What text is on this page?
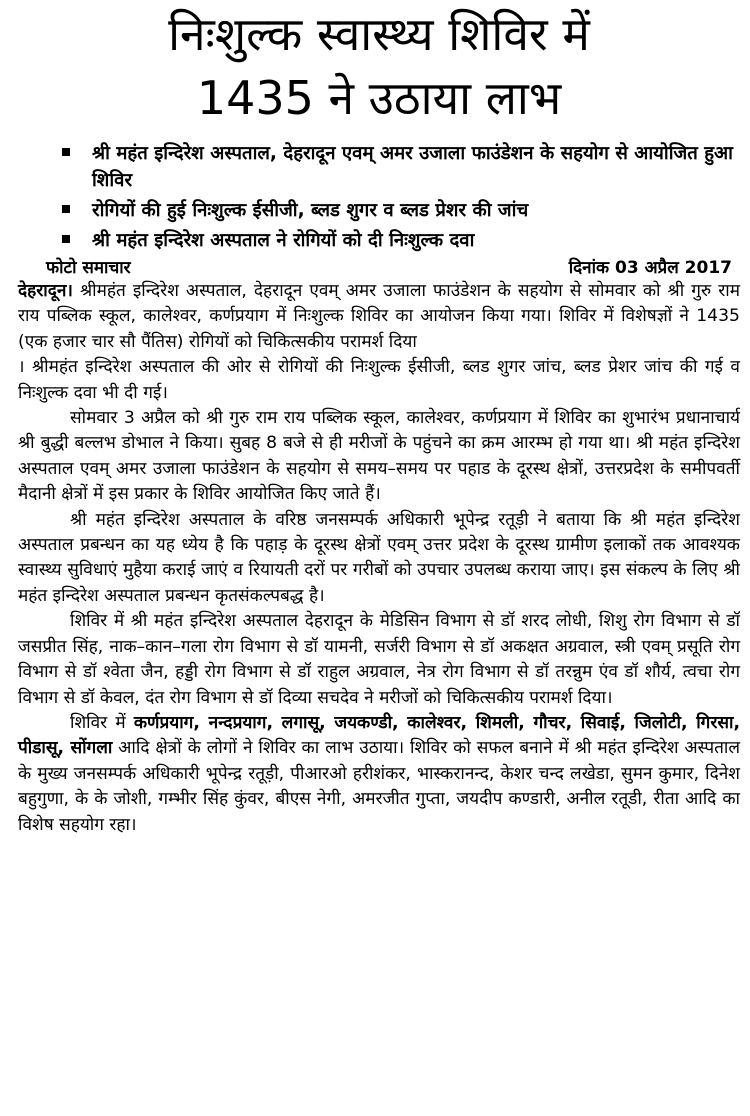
निःशुल्क स्वास्थ्य शिविर में
1435 ने उठाया लाभ
श्री महंत इन्दिरेश अस्पताल, देहरादून एवम् अमर उजाला फाउंडेशन के सहयोग से आयोजित हुआ शिविर
रोगियों की हुई निःशुल्क ईसीजी, ब्लड शुगर व ब्लड प्रेशर की जांच
श्री महंत इन्दिरेश अस्पताल ने रोगियों को दी निःशुल्क दवा
फोटो समाचार	दिनांक 03 अप्रैल 2017

देहरादून। श्रीमहंत इन्दिरेश अस्पताल, देहरादून एवम् अमर उजाला फाउंडेशन के सहयोग से सोमवार को श्री गुरु राम राय पब्लिक स्कूल, कालेश्वर, कर्णप्रयाग में निःशुल्क शिविर का आयोजन किया गया। शिविर में विशेषज्ञों ने 1435 (एक हजार चार सौ पैंतिस) रोगियों को चिकित्सकीय परामर्श दिया

। श्रीमहंत इन्दिरेश अस्पताल की ओर से रोगियों की निःशुल्क ईसीजी, ब्लड शुगर जांच, ब्लड प्रेशर जांच की गई व निःशुल्क दवा भी दी गई।

सोमवार 3 अप्रैल को श्री गुरु राम राय पब्लिक स्कूल, कालेश्वर, कर्णप्रयाग में शिविर का शुभारंभ प्रधानाचार्य श्री बुद्धी बल्लभ डोभाल ने किया। सुबह 8 बजे से ही मरीजों के पहुंचने का क्रम आरम्भ हो गया था। श्री महंत इन्दिरेश अस्पताल एवम् अमर उजाला फाउंडेशन के सहयोग से समय–समय पर पहाड के दूरस्थ क्षेत्रों, उत्तरप्रदेश के समीपवर्ती मैदानी क्षेत्रों में इस प्रकार के शिविर आयोजित किए जाते हैं।

श्री महंत इन्दिरेश अस्पताल के वरिष्ठ जनसम्पर्क अधिकारी भूपेन्द्र रतूड़ी ने बताया कि श्री महंत इन्दिरेश अस्पताल प्रबन्धन का यह ध्येय है कि पहाड़ के दूरस्थ क्षेत्रों एवम् उत्तर प्रदेश के दूरस्थ ग्रामीण इलाकों तक आवश्यक स्वास्थ्य सुविधाएं मुहैया कराई जाएं व रियायती दरों पर गरीबों को उपचार उपलब्ध कराया जाए। इस संकल्प के लिए श्री महंत इन्दिरेश अस्पताल प्रबन्धन कृतसंकल्पबद्ध है।

शिविर में श्री महंत इन्दिरेश अस्पताल देहरादून के मेडिसिन विभाग से डॉ शरद लोधी, शिशु रोग विभाग से डॉ जसप्रीत सिंह, नाक–कान–गला रोग विभाग से डॉ यामनी, सर्जरी विभाग से डॉ अकक्षत अग्रवाल, स्त्री एवम् प्रसूति रोग विभाग से डॉ श्वेता जैन, हड्डी रोग विभाग से डॉ राहुल अग्रवाल, नेत्र रोग विभाग से डॉ तरन्नुम एंव डॉ शौर्य, त्वचा रोग विभाग से डॉ केवल, दंत रोग विभाग से डॉ दिव्या सचदेव ने मरीजों को चिकित्सकीय परामर्श दिया।

शिविर में कर्णप्रयाग, नन्दप्रयाग, लगासू, जयकण्डी, कालेश्वर, शिमली, गौचर, सिवाई, जिलोटी, गिरसा, पीडासू, सोंगला आदि क्षेत्रों के लोगों ने शिविर का लाभ उठाया। शिविर को सफल बनाने में श्री महंत इन्दिरेश अस्पताल के मुख्य जनसम्पर्क अधिकारी भूपेन्द्र रतूड़ी, पीआरओ हरीशंकर, भास्करानन्द, केशर चन्द लखेडा, सुमन कुमार, दिनेश बहुगुणा, के के जोशी, गम्भीर सिंह कुंवर, बीएस नेगी, अमरजीत गुप्ता, जयदीप कण्डारी, अनील रतूडी, रीता आदि का विशेष सहयोग रहा।
